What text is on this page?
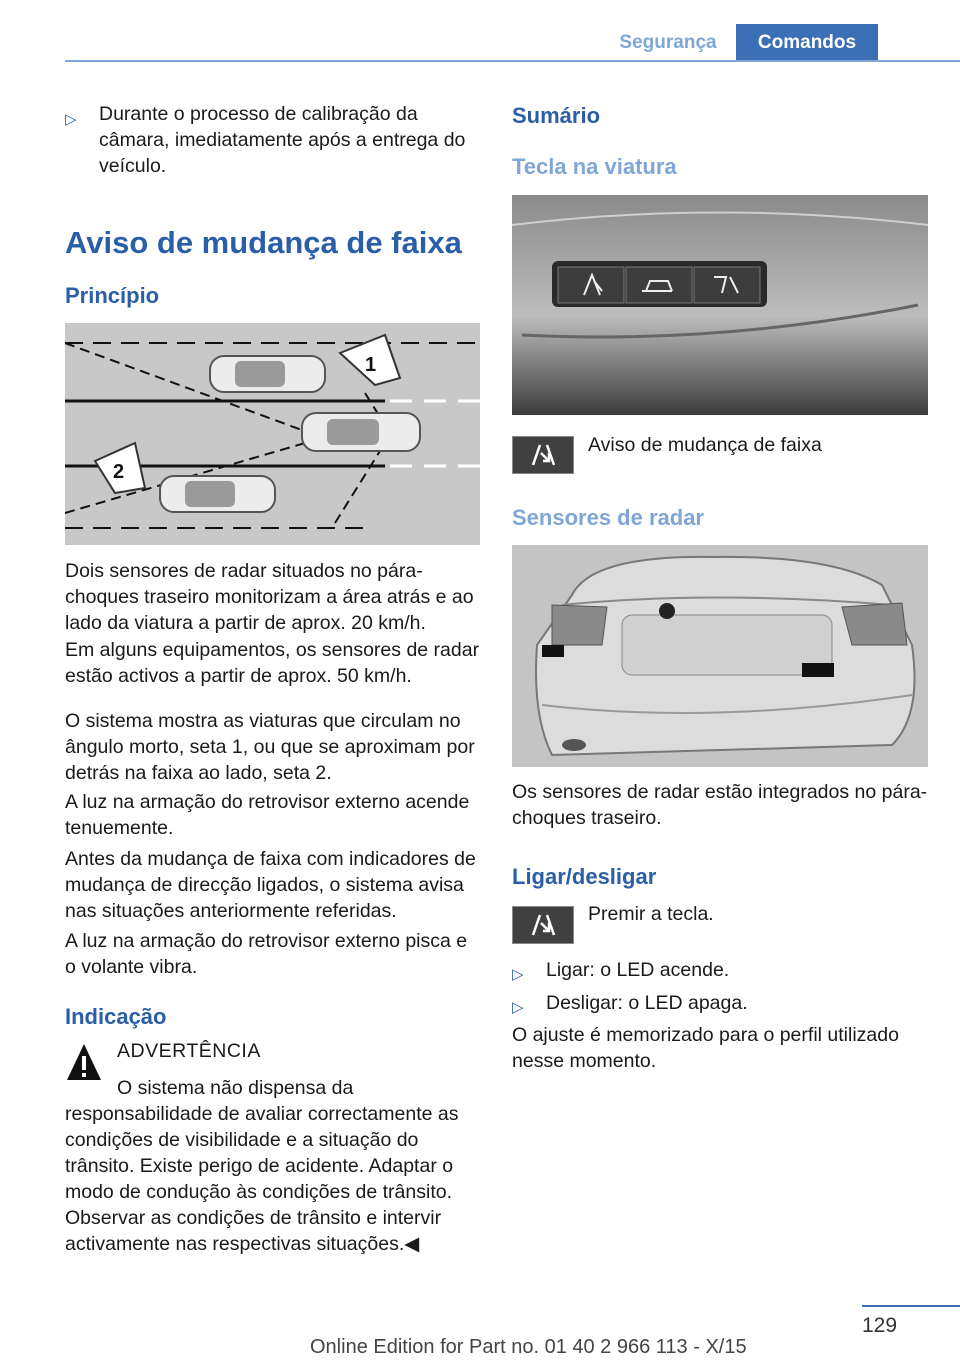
Segurança	Comandos
▷ Durante o processo de calibração da câmara, imediatamente após a entrega do veículo.
Aviso de mudança de faixa
Princípio
1
2
Dois sensores de radar situados no pára-choques traseiro monitorizam a área atrás e ao lado da viatura a partir de aprox. 20 km/h.
Em alguns equipamentos, os sensores de radar estão activos a partir de aprox. 50 km/h.
O sistema mostra as viaturas que circulam no ângulo morto, seta 1, ou que se aproximam por detrás na faixa ao lado, seta 2.
A luz na armação do retrovisor externo acende tenuemente.
Antes da mudança de faixa com indicadores de mudança de direcção ligados, o sistema avisa nas situações anteriormente referidas.
A luz na armação do retrovisor externo pisca e o volante vibra.
Indicação
ADVERTÊNCIA
O sistema não dispensa da responsabilidade de avaliar correctamente as condições de visibilidade e a situação do trânsito. Existe perigo de acidente. Adaptar o modo de condução às condições de trânsito. Observar as condições de trânsito e intervir activamente nas respectivas situações.◀
Sumário
Tecla na viatura
Aviso de mudança de faixa
Sensores de radar
Os sensores de radar estão integrados no pára-choques traseiro.
Ligar/desligar
Premir a tecla.
▷ Ligar: o LED acende.
▷ Desligar: o LED apaga.
O ajuste é memorizado para o perfil utilizado nesse momento.
129
Online Edition for Part no. 01 40 2 966 113 - X/15
